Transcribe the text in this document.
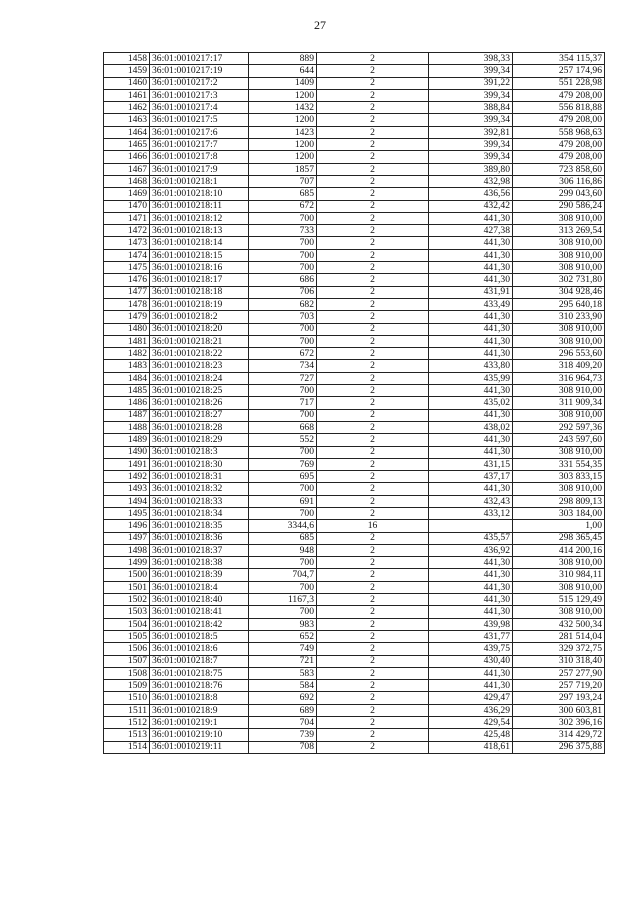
27
1458	36:01:0010217:17	889	2	398,33	354 115,37
1459	36:01:0010217:19	644	2	399,34	257 174,96
1460	36:01:0010217:2	1409	2	391,22	551 228,98
1461	36:01:0010217:3	1200	2	399,34	479 208,00
1462	36:01:0010217:4	1432	2	388,84	556 818,88
1463	36:01:0010217:5	1200	2	399,34	479 208,00
1464	36:01:0010217:6	1423	2	392,81	558 968,63
1465	36:01:0010217:7	1200	2	399,34	479 208,00
1466	36:01:0010217:8	1200	2	399,34	479 208,00
1467	36:01:0010217:9	1857	2	389,80	723 858,60
1468	36:01:0010218:1	707	2	432,98	306 116,86
1469	36:01:0010218:10	685	2	436,56	299 043,60
1470	36:01:0010218:11	672	2	432,42	290 586,24
1471	36:01:0010218:12	700	2	441,30	308 910,00
1472	36:01:0010218:13	733	2	427,38	313 269,54
1473	36:01:0010218:14	700	2	441,30	308 910,00
1474	36:01:0010218:15	700	2	441,30	308 910,00
1475	36:01:0010218:16	700	2	441,30	308 910,00
1476	36:01:0010218:17	686	2	441,30	302 731,80
1477	36:01:0010218:18	706	2	431,91	304 928,46
1478	36:01:0010218:19	682	2	433,49	295 640,18
1479	36:01:0010218:2	703	2	441,30	310 233,90
1480	36:01:0010218:20	700	2	441,30	308 910,00
1481	36:01:0010218:21	700	2	441,30	308 910,00
1482	36:01:0010218:22	672	2	441,30	296 553,60
1483	36:01:0010218:23	734	2	433,80	318 409,20
1484	36:01:0010218:24	727	2	435,99	316 964,73
1485	36:01:0010218:25	700	2	441,30	308 910,00
1486	36:01:0010218:26	717	2	435,02	311 909,34
1487	36:01:0010218:27	700	2	441,30	308 910,00
1488	36:01:0010218:28	668	2	438,02	292 597,36
1489	36:01:0010218:29	552	2	441,30	243 597,60
1490	36:01:0010218:3	700	2	441,30	308 910,00
1491	36:01:0010218:30	769	2	431,15	331 554,35
1492	36:01:0010218:31	695	2	437,17	303 833,15
1493	36:01:0010218:32	700	2	441,30	308 910,00
1494	36:01:0010218:33	691	2	432,43	298 809,13
1495	36:01:0010218:34	700	2	433,12	303 184,00
1496	36:01:0010218:35	3344,6	16		1,00
1497	36:01:0010218:36	685	2	435,57	298 365,45
1498	36:01:0010218:37	948	2	436,92	414 200,16
1499	36:01:0010218:38	700	2	441,30	308 910,00
1500	36:01:0010218:39	704,7	2	441,30	310 984,11
1501	36:01:0010218:4	700	2	441,30	308 910,00
1502	36:01:0010218:40	1167,3	2	441,30	515 129,49
1503	36:01:0010218:41	700	2	441,30	308 910,00
1504	36:01:0010218:42	983	2	439,98	432 500,34
1505	36:01:0010218:5	652	2	431,77	281 514,04
1506	36:01:0010218:6	749	2	439,75	329 372,75
1507	36:01:0010218:7	721	2	430,40	310 318,40
1508	36:01:0010218:75	583	2	441,30	257 277,90
1509	36:01:0010218:76	584	2	441,30	257 719,20
1510	36:01:0010218:8	692	2	429,47	297 193,24
1511	36:01:0010218:9	689	2	436,29	300 603,81
1512	36:01:0010219:1	704	2	429,54	302 396,16
1513	36:01:0010219:10	739	2	425,48	314 429,72
1514	36:01:0010219:11	708	2	418,61	296 375,88
